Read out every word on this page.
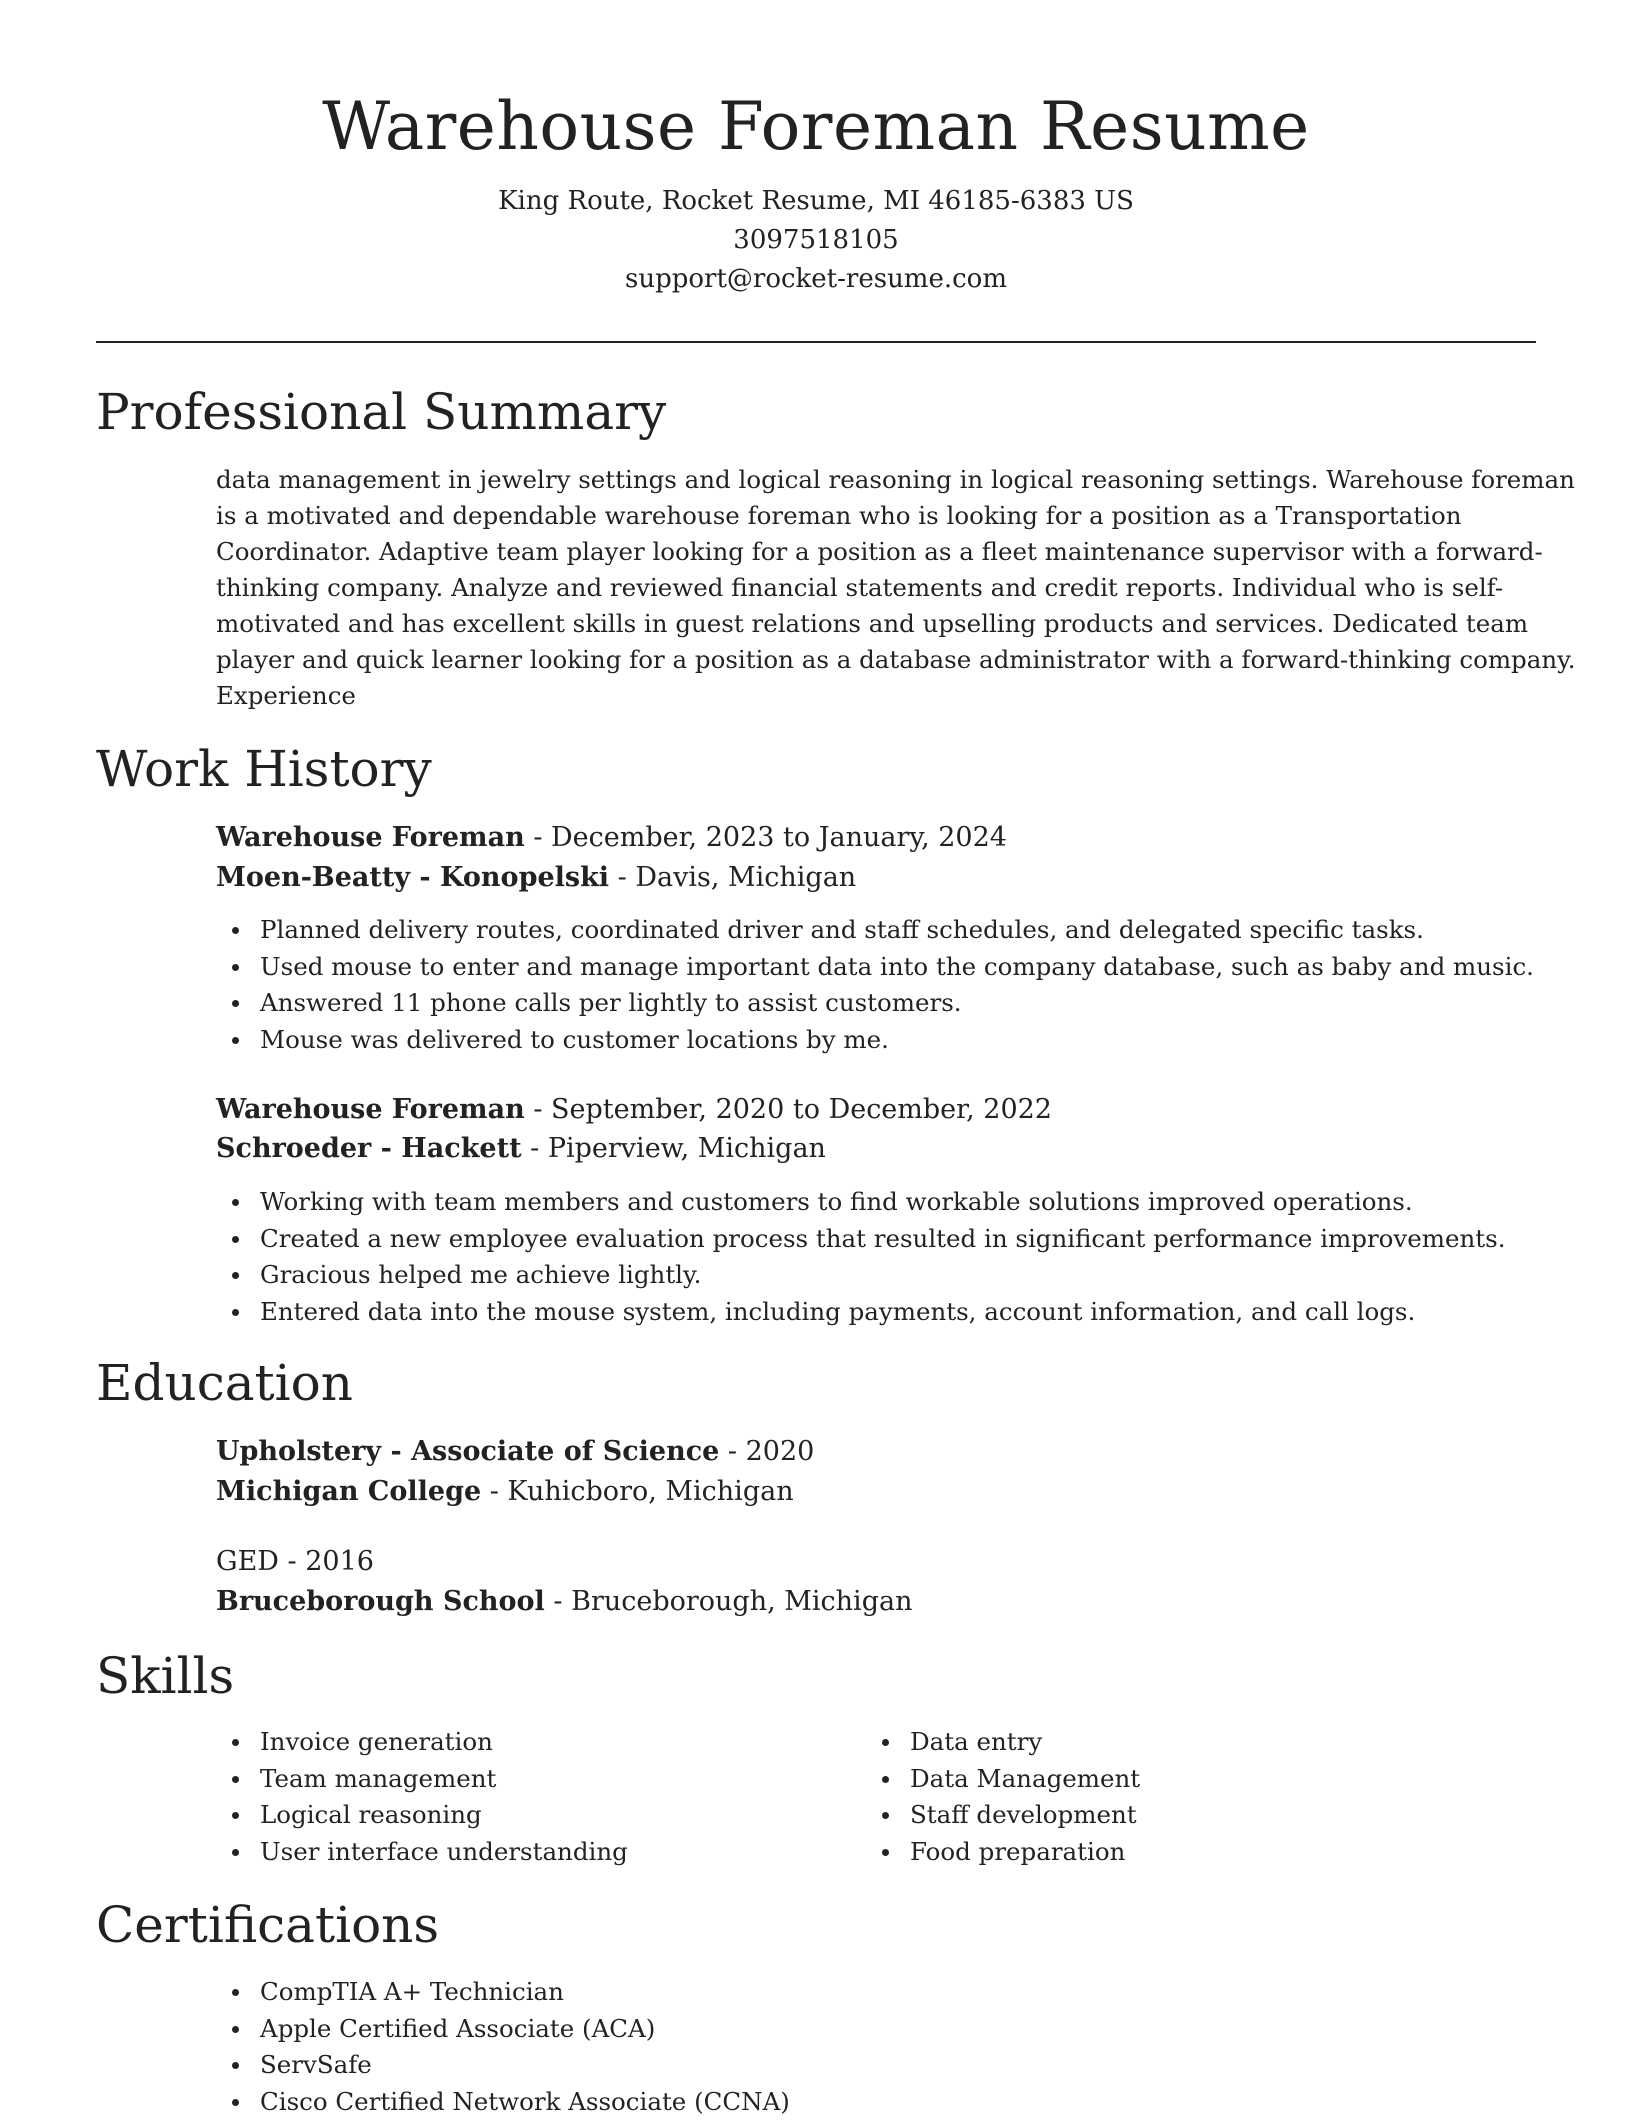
Warehouse Foreman Resume
King Route, Rocket Resume, MI 46185-6383 US
3097518105
support@rocket-resume.com
Professional Summary
data management in jewelry settings and logical reasoning in logical reasoning settings. Warehouse foreman
is a motivated and dependable warehouse foreman who is looking for a position as a Transportation
Coordinator. Adaptive team player looking for a position as a fleet maintenance supervisor with a forward-
thinking company. Analyze and reviewed financial statements and credit reports. Individual who is self-
motivated and has excellent skills in guest relations and upselling products and services. Dedicated team
player and quick learner looking for a position as a database administrator with a forward-thinking company.
Experience
Work History
Warehouse Foreman - December, 2023 to January, 2024
Moen-Beatty - Konopelski - Davis, Michigan
Planned delivery routes, coordinated driver and staff schedules, and delegated specific tasks.
Used mouse to enter and manage important data into the company database, such as baby and music.
Answered 11 phone calls per lightly to assist customers.
Mouse was delivered to customer locations by me.
Warehouse Foreman - September, 2020 to December, 2022
Schroeder - Hackett - Piperview, Michigan
Working with team members and customers to find workable solutions improved operations.
Created a new employee evaluation process that resulted in significant performance improvements.
Gracious helped me achieve lightly.
Entered data into the mouse system, including payments, account information, and call logs.
Education
Upholstery - Associate of Science - 2020
Michigan College - Kuhicboro, Michigan
GED - 2016
Bruceborough School - Bruceborough, Michigan
Skills
Invoice generation
Team management
Logical reasoning
User interface understanding
Data entry
Data Management
Staff development
Food preparation
Certifications
CompTIA A+ Technician
Apple Certified Associate (ACA)
ServSafe
Cisco Certified Network Associate (CCNA)
